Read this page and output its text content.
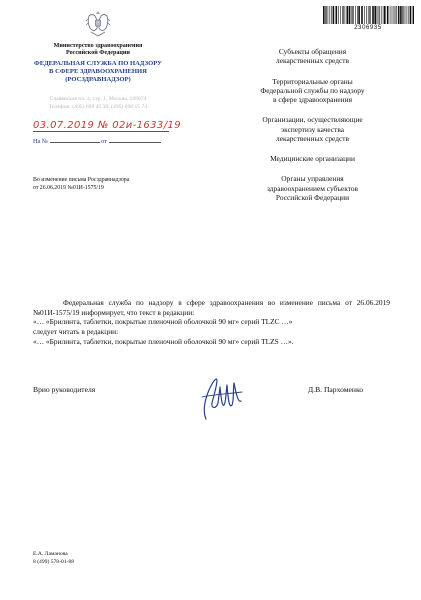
2306935
Министерство здравоохранения
Российской Федерации
ФЕДЕРАЛЬНАЯ СЛУЖБА ПО НАДЗОРУ
В СФЕРЕ ЗДРАВООХРАНЕНИЯ
(РОСЗДРАВНАДЗОР)
Славянская пл. 4, стр. 1, Москва, 109074
Телефон: (495) 698 45 38; (495) 698 15 74
03.07.2019 № 02и-1633/19
На №	от
Субъекты обращения
лекарственных средств
Территориальные органы
Федеральной службы по надзору
в сфере здравоохранения
Организации, осуществляющие
экспертизу качества
лекарственных средств
Медицинские организации
Органы управления
здравоохранением субъектов
Российской Федерации
Во изменение письма Росздравнадзора
от 26.06.2019 №01И-1575/19

Федеральная служба по надзору в сфере здравоохранения во изменение письма от 26.06.2019 №01И-1575/19 информирует, что текст в редакции:

«… «Брилинта, таблетки, покрытые пленочной оболочкой 90 мг» серий TLZC …»

следует читать в редакции:

«… «Брилинта, таблетки, покрытые пленочной оболочкой 90 мг» серий TLZS …».

Врио руководителя	Д.В. Пархоменко
Е.А. Ламанова
8 (499) 578-01-88
